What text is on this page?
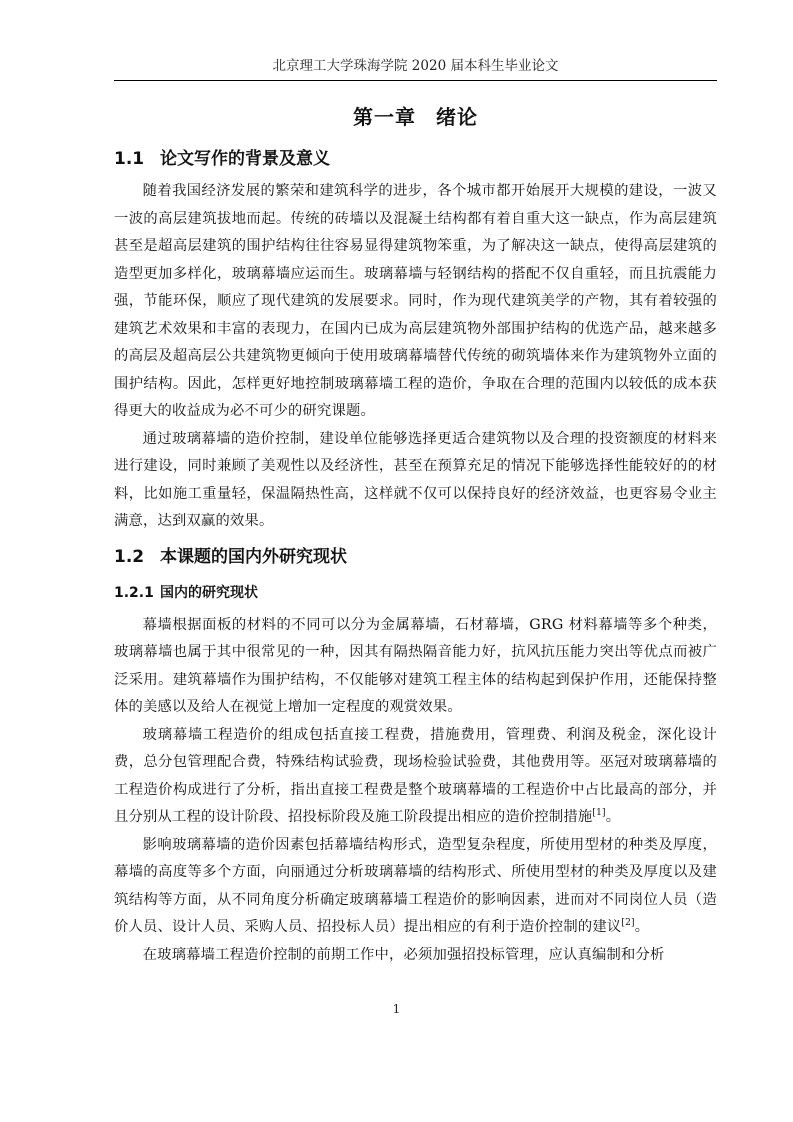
北京理工大学珠海学院 2020 届本科生毕业论文
第一章 绪论
1.1 论文写作的背景及意义

随着我国经济发展的繁荣和建筑科学的进步，各个城市都开始展开大规模的建设，一波又一波的高层建筑拔地而起。传统的砖墙以及混凝土结构都有着自重大这一缺点，作为高层建筑甚至是超高层建筑的围护结构往往容易显得建筑物笨重，为了解决这一缺点，使得高层建筑的造型更加多样化，玻璃幕墙应运而生。玻璃幕墙与轻钢结构的搭配不仅自重轻，而且抗震能力强，节能环保，顺应了现代建筑的发展要求。同时，作为现代建筑美学的产物，其有着较强的建筑艺术效果和丰富的表现力，在国内已成为高层建筑物外部围护结构的优选产品，越来越多的高层及超高层公共建筑物更倾向于使用玻璃幕墙替代传统的砌筑墙体来作为建筑物外立面的围护结构。因此，怎样更好地控制玻璃幕墙工程的造价，争取在合理的范围内以较低的成本获得更大的收益成为必不可少的研究课题。

通过玻璃幕墙的造价控制，建设单位能够选择更适合建筑物以及合理的投资额度的材料来进行建设，同时兼顾了美观性以及经济性，甚至在预算充足的情况下能够选择性能较好的的材料，比如施工重量轻，保温隔热性高，这样就不仅可以保持良好的经济效益，也更容易令业主满意，达到双赢的效果。

1.2 本课题的国内外研究现状
1.2.1 国内的研究现状

幕墙根据面板的材料的不同可以分为金属幕墙，石材幕墙，GRG 材料幕墙等多个种类，玻璃幕墙也属于其中很常见的一种，因其有隔热隔音能力好，抗风抗压能力突出等优点而被广泛采用。建筑幕墙作为围护结构，不仅能够对建筑工程主体的结构起到保护作用，还能保持整体的美感以及给人在视觉上增加一定程度的观赏效果。

玻璃幕墙工程造价的组成包括直接工程费，措施费用，管理费、利润及税金，深化设计费，总分包管理配合费，特殊结构试验费，现场检验试验费，其他费用等。巫冠对玻璃幕墙的工程造价构成进行了分析，指出直接工程费是整个玻璃幕墙的工程造价中占比最高的部分，并且分别从工程的设计阶段、招投标阶段及施工阶段提出相应的造价控制措施[1]。

影响玻璃幕墙的造价因素包括幕墙结构形式，造型复杂程度，所使用型材的种类及厚度，幕墙的高度等多个方面，向丽通过分析玻璃幕墙的结构形式、所使用型材的种类及厚度以及建筑结构等方面，从不同角度分析确定玻璃幕墙工程造价的影响因素，进而对不同岗位人员（造价人员、设计人员、采购人员、招投标人员）提出相应的有利于造价控制的建议[2]。

在玻璃幕墙工程造价控制的前期工作中，必须加强招投标管理，应认真编制和分析

1
